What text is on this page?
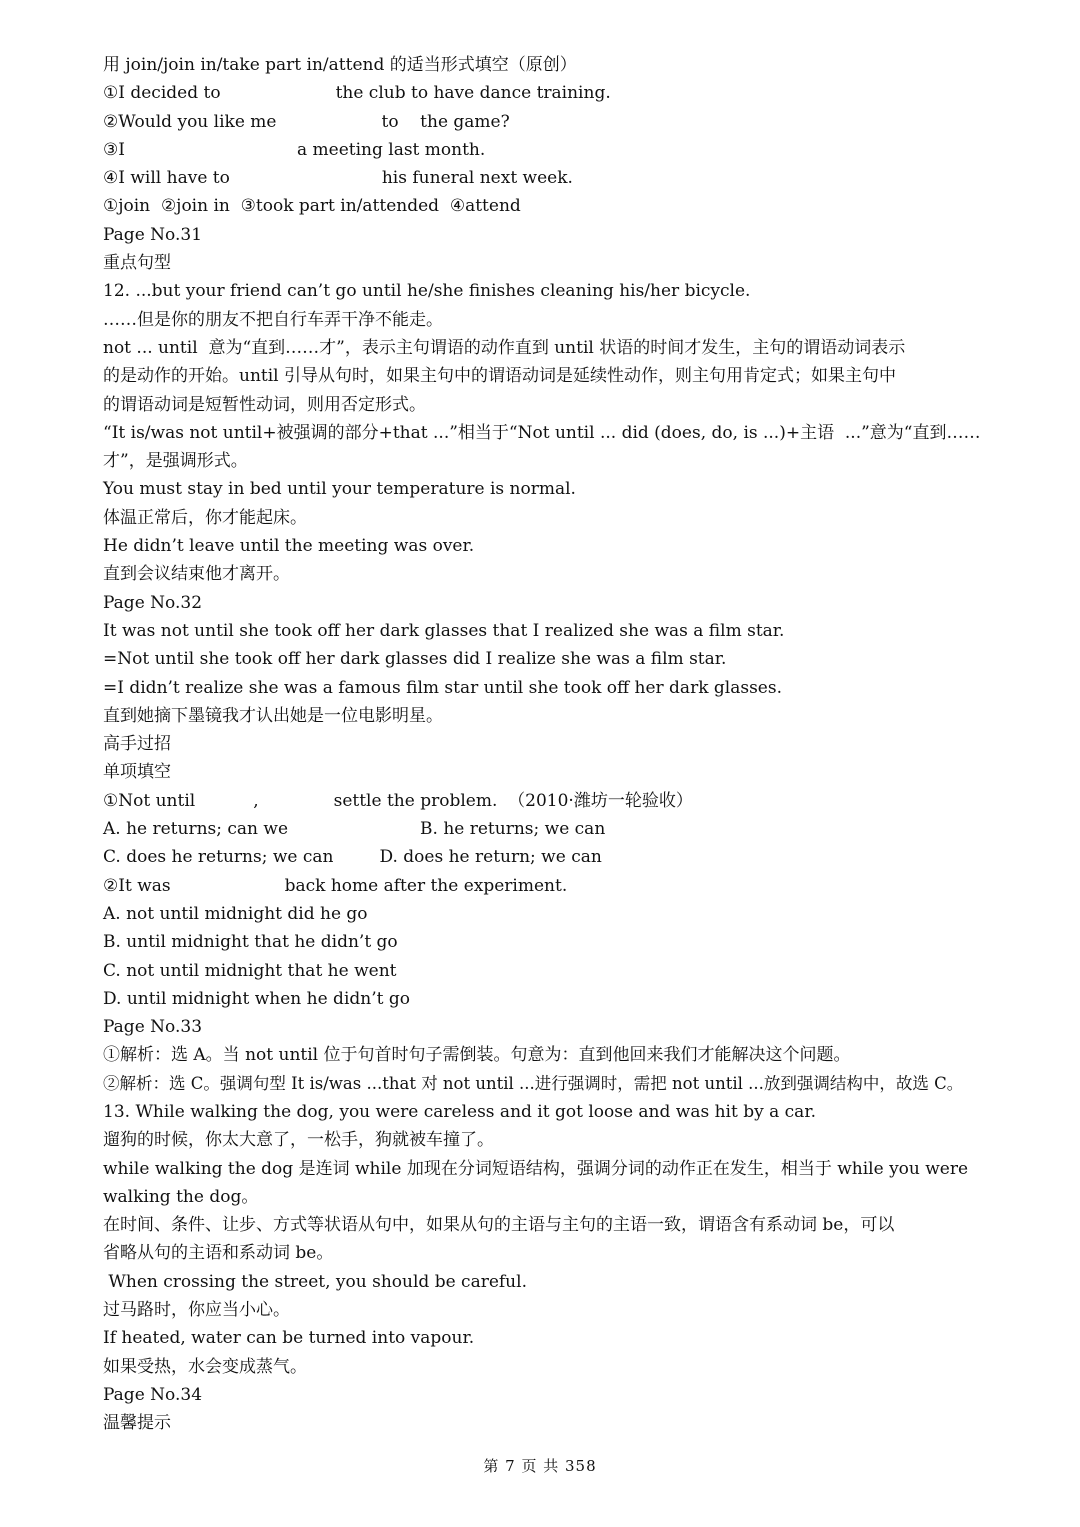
用 join/join in/take part in/attend 的适当形式填空（原创）
①I decided to	the club to have dance training.
②Would you like me	to    the game?
③I	a meeting last month.
④I will have to	his funeral next week.
①join  ②join in  ③took part in/attended  ④attend
Page No.31
重点句型
12. ...but your friend can’t go until he/she finishes cleaning his/her bicycle.
……但是你的朋友不把自行车弄干净不能走。
not ... until  意为“直到……才”，表示主句谓语的动作直到 until 状语的时间才发生，主句的谓语动词表示
的是动作的开始。until 引导从句时，如果主句中的谓语动词是延续性动作，则主句用肯定式；如果主句中
的谓语动词是短暂性动词，则用否定形式。
“It is/was not until+被强调的部分+that ...”相当于“Not until ... did (does, do, is ...)+主语  ...”意为“直到……
才”，是强调形式。
You must stay in bed until your temperature is normal.
体温正常后，你才能起床。
He didn’t leave until the meeting was over.
直到会议结束他才离开。
Page No.32
It was not until she took off her dark glasses that I realized she was a film star.
=Not until she took off her dark glasses did I realize she was a film star.
=I didn’t realize she was a famous film star until she took off her dark glasses.
直到她摘下墨镜我才认出她是一位电影明星。
高手过招
单项填空
①Not until	,	settle the problem.  （2010·潍坊一轮验收）
A. he returns; can we	B. he returns; we can
C. does he returns; we can	D. does he return; we can
②It was	back home after the experiment.
A. not until midnight did he go
B. until midnight that he didn’t go
C. not until midnight that he went
D. until midnight when he didn’t go
Page No.33
①解析：选 A。当 not until 位于句首时句子需倒装。句意为：直到他回来我们才能解决这个问题。
②解析：选 C。强调句型 It is/was ...that 对 not until ...进行强调时，需把 not until ...放到强调结构中，故选 C。
13. While walking the dog, you were careless and it got loose and was hit by a car.
遛狗的时候，你太大意了，一松手，狗就被车撞了。
while walking the dog 是连词 while 加现在分词短语结构，强调分词的动作正在发生，相当于 while you were
walking the dog。
在时间、条件、让步、方式等状语从句中，如果从句的主语与主句的主语一致，谓语含有系动词 be，可以
省略从句的主语和系动词 be。
When crossing the street, you should be careful.
过马路时，你应当小心。
If heated, water can be turned into vapour.
如果受热，水会变成蒸气。
Page No.34
温馨提示
第 7 页 共 358
